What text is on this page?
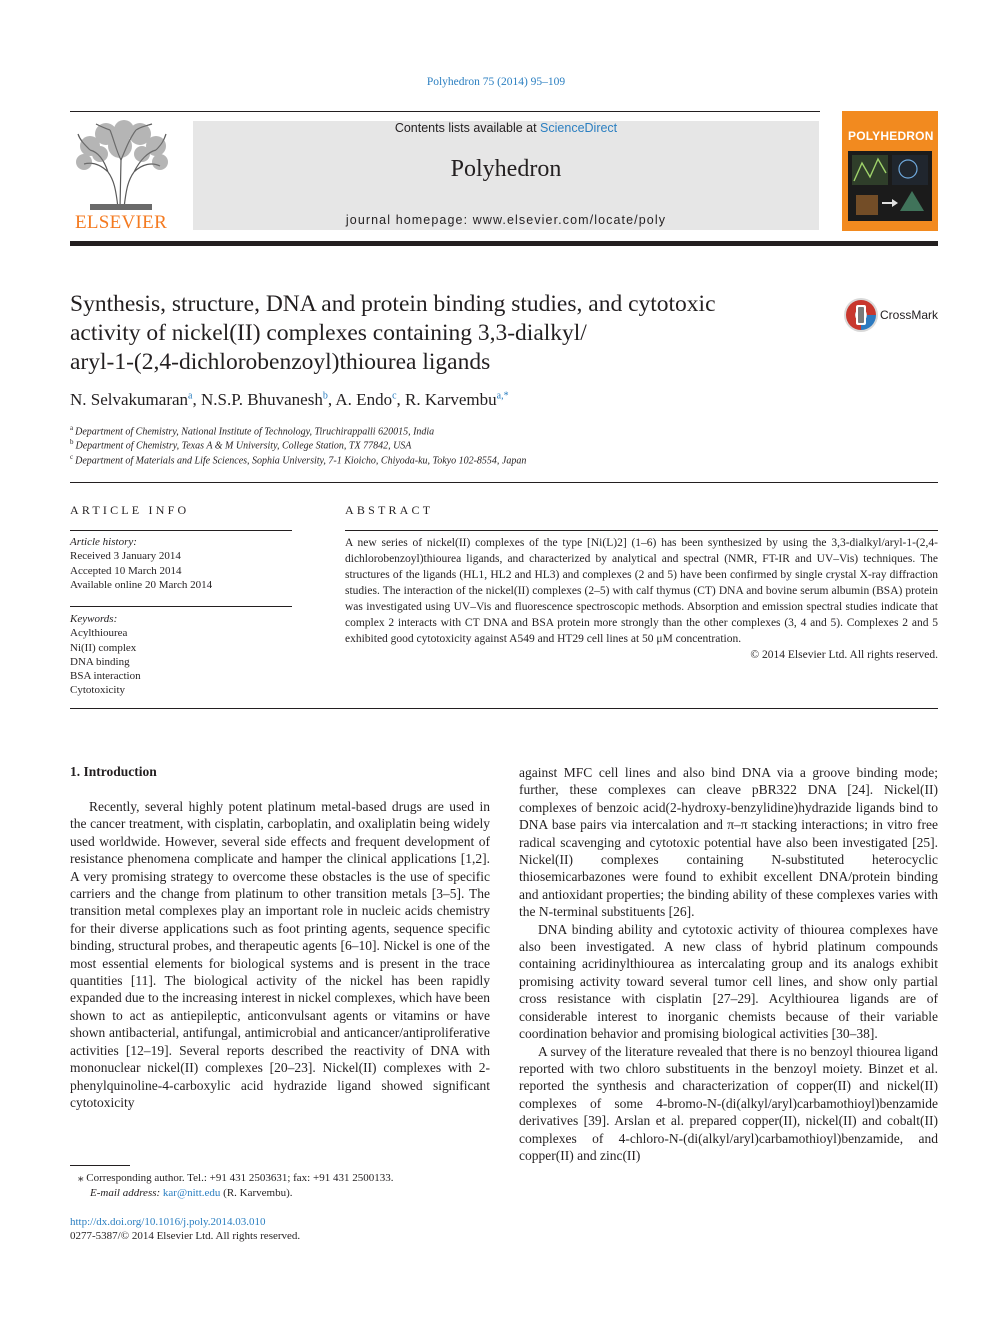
Polyhedron 75 (2014) 95–109
ELSEVIER
Contents lists available at ScienceDirect
Polyhedron
journal homepage: www.elsevier.com/locate/poly
POLYHEDRON
Synthesis, structure, DNA and protein binding studies, and cytotoxic
activity of nickel(II) complexes containing 3,3-dialkyl/
aryl-1-(2,4-dichlorobenzoyl)thiourea ligands
CrossMark
N. Selvakumaran$^a$, N.S.P. Bhuvanesh$^b$, A. Endo$^c$, R. Karvembu$^{a,*}$
$^a$ Department of Chemistry, National Institute of Technology, Tiruchirappalli 620015, India
$^b$ Department of Chemistry, Texas A & M University, College Station, TX 77842, USA
$^c$ Department of Materials and Life Sciences, Sophia University, 7-1 Kioicho, Chiyoda-ku, Tokyo 102-8554, Japan
ARTICLE INFO
Article history:
Received 3 January 2014
Accepted 10 March 2014
Available online 20 March 2014
Keywords:
Acylthiourea
Ni(II) complex
DNA binding
BSA interaction
Cytotoxicity
ABSTRACT
A new series of nickel(II) complexes of the type [Ni(L)2] (1–6) has been synthesized by using the 3,3-dialkyl/aryl-1-(2,4-dichlorobenzoyl)thiourea ligands, and characterized by analytical and spectral (NMR, FT-IR and UV–Vis) techniques. The structures of the ligands (HL1, HL2 and HL3) and complexes (2 and 5) have been confirmed by single crystal X-ray diffraction studies. The interaction of the nickel(II) complexes (2–5) with calf thymus (CT) DNA and bovine serum albumin (BSA) protein was investigated using UV–Vis and fluorescence spectroscopic methods. Absorption and emission spectral studies indicate that complex 2 interacts with CT DNA and BSA protein more strongly than the other complexes (3, 4 and 5). Complexes 2 and 5 exhibited good cytotoxicity against A549 and HT29 cell lines at 50 μM concentration.
© 2014 Elsevier Ltd. All rights reserved.
1. Introduction

Recently, several highly potent platinum metal-based drugs are used in the cancer treatment, with cisplatin, carboplatin, and oxaliplatin being widely used worldwide. However, several side effects and frequent development of resistance phenomena complicate and hamper the clinical applications [1,2]. A very promising strategy to overcome these obstacles is the use of specific carriers and the change from platinum to other transition metals [3–5]. The transition metal complexes play an important role in nucleic acids chemistry for their diverse applications such as foot printing agents, sequence specific binding, structural probes, and therapeutic agents [6–10]. Nickel is one of the most essential elements for biological systems and is present in the trace quantities [11]. The biological activity of the nickel has been rapidly expanded due to the increasing interest in nickel complexes, which have been shown to act as antiepileptic, anticonvulsant agents or vitamins or have shown antibacterial, antifungal, antimicrobial and anticancer/antiproliferative activities [12–19]. Several reports described the reactivity of DNA with mononuclear nickel(II) complexes [20–23]. Nickel(II) complexes with 2-phenylquinoline-4-carboxylic acid hydrazide ligand showed significant cytotoxicity

against MFC cell lines and also bind DNA via a groove binding mode; further, these complexes can cleave pBR322 DNA [24]. Nickel(II) complexes of benzoic acid(2-hydroxy-benzylidine)hydrazide ligands bind to DNA base pairs via intercalation and π–π stacking interactions; in vitro free radical scavenging and cytotoxic potential have also been investigated [25]. Nickel(II) complexes containing N-substituted heterocyclic thiosemicarbazones were found to exhibit excellent DNA/protein binding and antioxidant properties; the binding ability of these complexes varies with the N-terminal substituents [26].

DNA binding ability and cytotoxic activity of thiourea complexes have also been investigated. A new class of hybrid platinum compounds containing acridinylthiourea as intercalating group and its analogs exhibit promising activity toward several tumor cell lines, and show only partial cross resistance with cisplatin [27–29]. Acylthiourea ligands are of considerable interest to inorganic chemists because of their variable coordination behavior and promising biological activities [30–38].

A survey of the literature revealed that there is no benzoyl thiourea ligand reported with two chloro substituents in the benzoyl moiety. Binzet et al. reported the synthesis and characterization of copper(II) and nickel(II) complexes of some 4-bromo-N-(di(alkyl/aryl)carbamothioyl)benzamide derivatives [39]. Arslan et al. prepared copper(II), nickel(II) and cobalt(II) complexes of 4-chloro-N-(di(alkyl/aryl)carbamothioyl)benzamide, and copper(II) and zinc(II)

⁎ Corresponding author. Tel.: +91 431 2503631; fax: +91 431 2500133.
E-mail address: kar@nitt.edu (R. Karvembu).
http://dx.doi.org/10.1016/j.poly.2014.03.010
0277-5387/© 2014 Elsevier Ltd. All rights reserved.
